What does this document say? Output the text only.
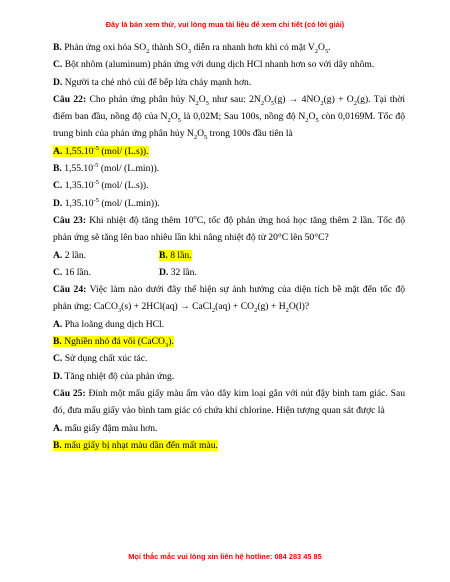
Đây là bản xem thử, vui lòng mua tài liệu để xem chi tiết (có lời giải)

B. Phản ứng oxi hóa $SO_2$ thành $SO_3$ diễn ra nhanh hơn khi có mặt $V_2O_5$.

C. Bột nhôm (aluminum) phản ứng với dung dịch HCl nhanh hơn so với dây nhôm.

D. Người ta chẻ nhỏ củi để bếp lửa cháy mạnh hơn.

Câu 22: Cho phản ứng phân hủy $N_2O_5$ như sau: $2N_2O_5(g) \to 4NO_2(g) + O_2(g)$. Tại thời điểm ban đầu, nồng độ của $N_2O_5$ là 0,02M; Sau 100s, nồng độ $N_2O_5$ còn 0,0169M. Tốc độ trung bình của phản ứng phân hủy $N_2O_5$ trong 100s đầu tiên là

A. $1,55.10^{-5}$ (mol/ (L.s)).

B. $1,55.10^{-5}$ (mol/ (L.min)).

C. $1,35.10^{-5}$ (mol/ (L.s)).

D. $1,35.10^{-5}$ (mol/ (L.min)).

Câu 23: Khi nhiệt độ tăng thêm 10$^o$C, tốc độ phản ứng hoá học tăng thêm 2 lần. Tốc độ phản ứng sẽ tăng lên bao nhiêu lần khi nâng nhiệt độ từ 20°C lên 50°C?

A. 2 lần.	B. 8 lần.
C. 16 lần.	D. 32 lần.

Câu 24: Việc làm nào dưới đây thể hiện sự ảnh hưởng của diện tích bề mặt đến tốc độ phản ứng: CaCO$_3$(s) + 2HCl(aq) → CaCl$_2$(aq) + $CO_2(g) + H_2O(l)$?

A. Pha loãng dung dịch HCl.

B. Nghiền nhỏ đá vôi (CaCO$_3$).

C. Sử dụng chất xúc tác.

D. Tăng nhiệt độ của phản ứng.

Câu 25: Đính một mẩu giấy màu ẩm vào dây kim loại gắn với nút đậy bình tam giác. Sau đó, đưa mẩu giấy vào bình tam giác có chứa khí chlorine. Hiện tượng quan sát được là

A. mẩu giấy đậm màu hơn.

B. mẩu giấy bị nhạt màu dần đến mất màu.

Mọi thắc mắc vui lòng xin liên hệ hotline: 084 283 45 85
